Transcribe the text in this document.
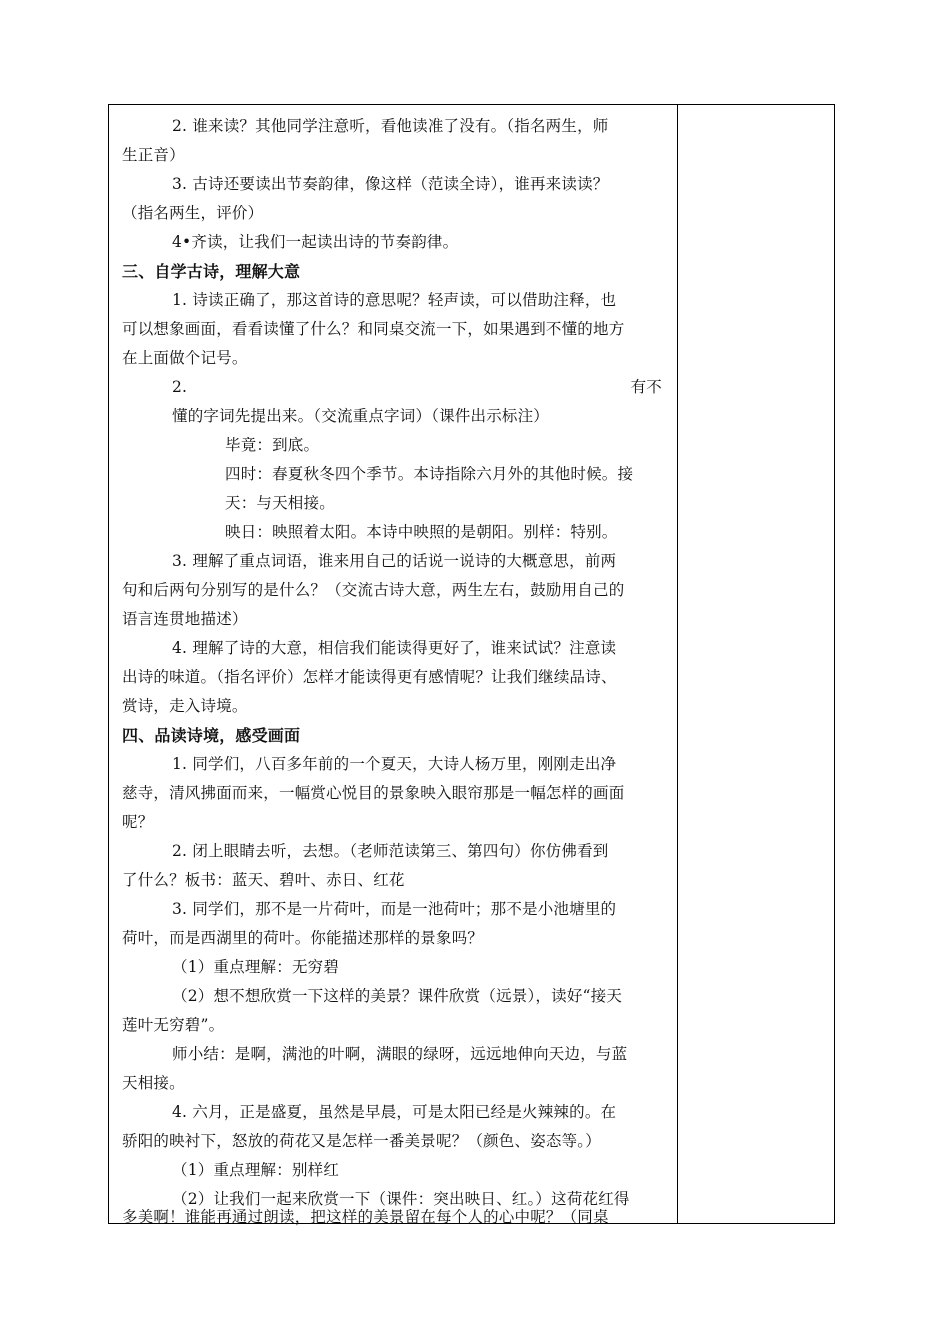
2. 谁来读？其他同学注意听，看他读准了没有。（指名两生，师
生正音）
3. 古诗还要读出节奏韵律，像这样（范读全诗），谁再来读读？
（指名两生，评价）
4•齐读，让我们一起读出诗的节奏韵律。
三、自学古诗，理解大意
1. 诗读正确了，那这首诗的意思呢？轻声读，可以借助注释，也
可以想象画面，看看读懂了什么？和同桌交流一下，如果遇到不懂的地方
在上面做个记号。
2.	有不
懂的字词先提出来。（交流重点字词）（课件出示标注）
毕竟：到底。
四时：春夏秋冬四个季节。本诗指除六月外的其他时候。接
天：与天相接。
映日：映照着太阳。本诗中映照的是朝阳。别样：特别。
3. 理解了重点词语，谁来用自己的话说一说诗的大概意思，前两
句和后两句分别写的是什么？（交流古诗大意，两生左右，鼓励用自己的
语言连贯地描述）
4. 理解了诗的大意，相信我们能读得更好了，谁来试试？注意读
出诗的味道。（指名评价）怎样才能读得更有感情呢？让我们继续品诗、
赏诗，走入诗境。
四、品读诗境，感受画面
1. 同学们，八百多年前的一个夏天，大诗人杨万里，刚刚走出净
慈寺，清风拂面而来，一幅赏心悦目的景象映入眼帘那是一幅怎样的画面
呢？
2. 闭上眼睛去听，去想。（老师范读第三、第四句）你仿佛看到
了什么？板书：蓝天、碧叶、赤日、红花
3. 同学们，那不是一片荷叶，而是一池荷叶；那不是小池塘里的
荷叶，而是西湖里的荷叶。你能描述那样的景象吗？
（1）重点理解：无穷碧
（2）想不想欣赏一下这样的美景？课件欣赏（远景），读好“接天
莲叶无穷碧”。
师小结：是啊，满池的叶啊，满眼的绿呀，远远地伸向天边，与蓝
天相接。
4. 六月，正是盛夏，虽然是早晨，可是太阳已经是火辣辣的。在
骄阳的映衬下，怒放的荷花又是怎样一番美景呢？（颜色、姿态等。）
（1）重点理解：别样红
（2）让我们一起来欣赏一下（课件：突出映日、红。）这荷花红得
多美啊！谁能再通过朗读，把这样的美景留在每个人的心中呢？（同桌
